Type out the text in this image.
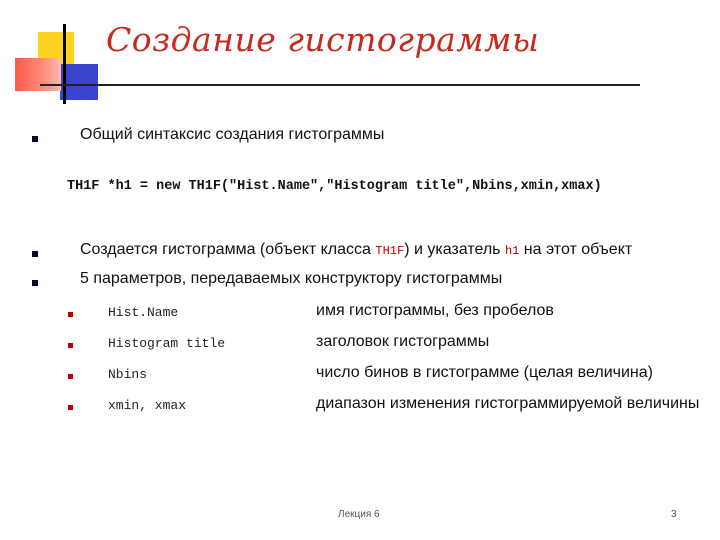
Создание гистограммы
Общий синтаксис создания гистограммы
TH1F *h1 = new TH1F("Hist.Name","Histogram title",Nbins,xmin,xmax)
Создается гистограмма (объект класса TH1F) и указатель h1 на этот объект
5 параметров, передаваемых конструктору гистограммы
Hist.Name	имя гистограммы, без пробелов
Histogram title	заголовок гистограммы
Nbins	число бинов в гистограмме (целая величина)
xmin, xmax	диапазон изменения гистограммируемой величины
Лекция 6	3
